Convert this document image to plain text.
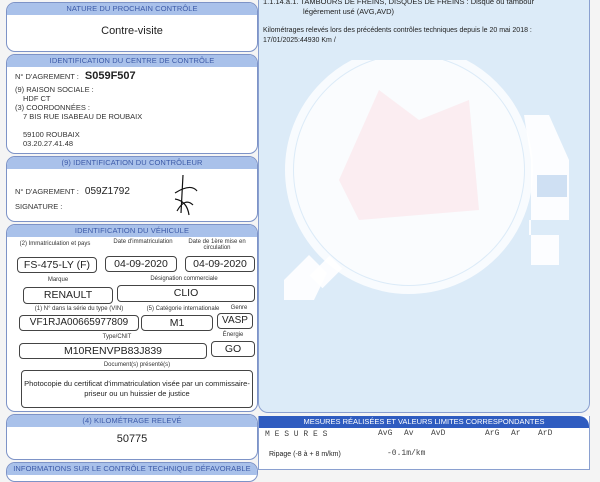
NATURE DU PROCHAIN CONTRÔLE
Contre-visite
IDENTIFICATION DU CENTRE DE CONTRÔLE
N° D'AGREMENT : S059F507
(9) RAISON SOCIALE :
HDF CT
(3) COORDONNÉES :
7 BIS RUE ISABEAU DE ROUBAIX
59100 ROUBAIX
03.20.27.41.48
(9) IDENTIFICATION DU CONTRÔLEUR
N° D'AGREMENT : 059Z1792
SIGNATURE :
IDENTIFICATION DU VÉHICULE
(2) Immatriculation et pays	Date d'immatriculation	Date de 1ère mise en circulation
FS-475-LY (F)	04-09-2020	04-09-2020
Marque	Désignation commerciale
RENAULT	CLIO
(1) N° dans la série du type (VIN)	(5) Catégorie internationale	Genre
VF1RJA00665977809	M1	VASP
Type/CNIT	Énergie
M10RENVPB83J839	GO
Document(s) présenté(s)
Photocopie du certificat d'immatriculation visée par un commissaire-priseur ou un huissier de justice
(4) KILOMÉTRAGE RELEVÉ
50775
INFORMATIONS SUR LE CONTRÔLE TECHNIQUE DÉFAVORABLE
1.1.14.a.1. TAMBOURS DE FREINS, DISQUES DE FREINS : Disque ou tambour
légèrement usé (AVG,AVD)
Kilométrages relevés lors des précédents contrôles techniques depuis le 20 mai 2018 :
17/01/2025:44930 Km /
MESURES RÉALISÉES ET VALEURS LIMITES CORRESPONDANTES
M E S U R E S	AvG Av AvD	ArG Ar ArD
Ripage (-8 à + 8 m/km)	-0.1m/km
